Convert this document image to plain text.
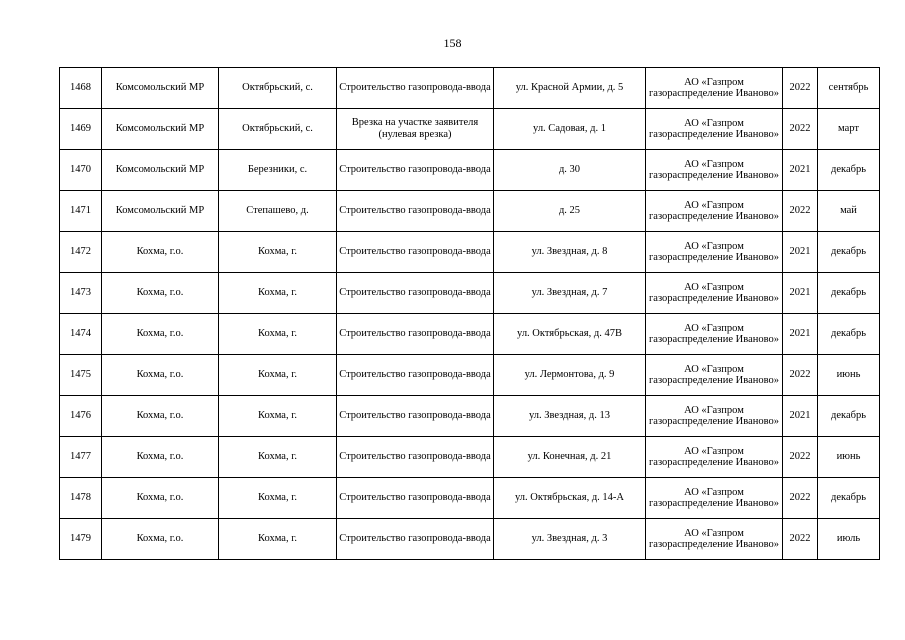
158
1468	Комсомольский МР	Октябрьский, с.	Строительство газопровода-ввода	ул. Красной Армии, д. 5	АО «Газпром газораспределение Иваново»	2022	сентябрь
1469	Комсомольский МР	Октябрьский, с.	Врезка на участке заявителя (нулевая врезка)	ул. Садовая, д. 1	АО «Газпром газораспределение Иваново»	2022	март
1470	Комсомольский МР	Березники, с.	Строительство газопровода-ввода	д. 30	АО «Газпром газораспределение Иваново»	2021	декабрь
1471	Комсомольский МР	Степашево, д.	Строительство газопровода-ввода	д. 25	АО «Газпром газораспределение Иваново»	2022	май
1472	Кохма, г.о.	Кохма, г.	Строительство газопровода-ввода	ул. Звездная, д. 8	АО «Газпром газораспределение Иваново»	2021	декабрь
1473	Кохма, г.о.	Кохма, г.	Строительство газопровода-ввода	ул. Звездная, д. 7	АО «Газпром газораспределение Иваново»	2021	декабрь
1474	Кохма, г.о.	Кохма, г.	Строительство газопровода-ввода	ул. Октябрьская, д. 47В	АО «Газпром газораспределение Иваново»	2021	декабрь
1475	Кохма, г.о.	Кохма, г.	Строительство газопровода-ввода	ул. Лермонтова, д. 9	АО «Газпром газораспределение Иваново»	2022	июнь
1476	Кохма, г.о.	Кохма, г.	Строительство газопровода-ввода	ул. Звездная, д. 13	АО «Газпром газораспределение Иваново»	2021	декабрь
1477	Кохма, г.о.	Кохма, г.	Строительство газопровода-ввода	ул. Конечная, д. 21	АО «Газпром газораспределение Иваново»	2022	июнь
1478	Кохма, г.о.	Кохма, г.	Строительство газопровода-ввода	ул. Октябрьская, д. 14-А	АО «Газпром газораспределение Иваново»	2022	декабрь
1479	Кохма, г.о.	Кохма, г.	Строительство газопровода-ввода	ул. Звездная, д. 3	АО «Газпром газораспределение Иваново»	2022	июль
